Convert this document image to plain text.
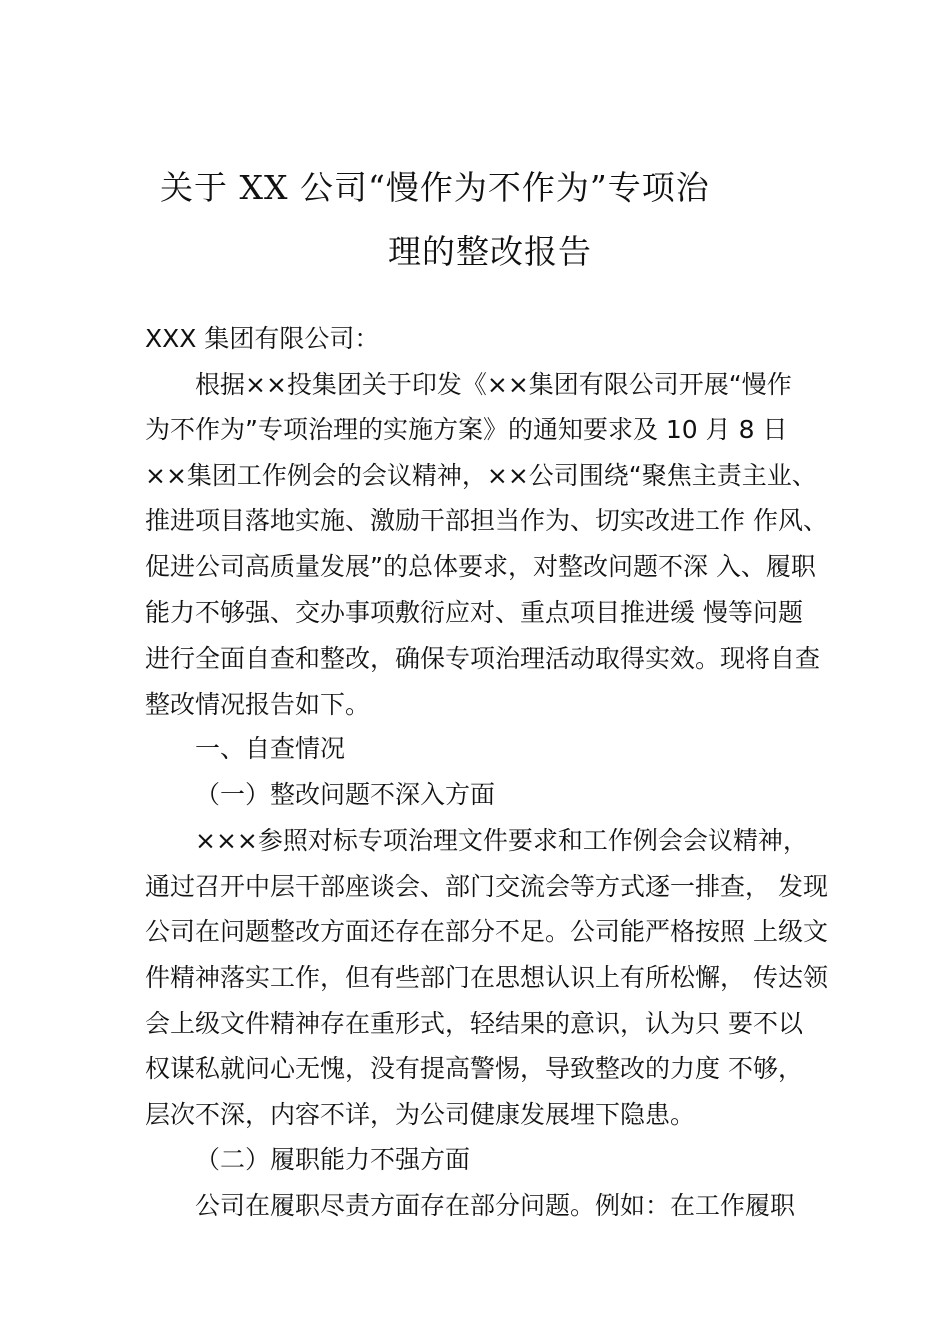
关于 XX 公司“慢作为不作为”专项治
理的整改报告
XXX 集团有限公司：
根据××投集团关于印发《××集团有限公司开展“慢作
为不作为”专项治理的实施方案》的通知要求及 10 月 8 日
××集团工作例会的会议精神，××公司围绕“聚焦主责主业、
推进项目落地实施、激励干部担当作为、切实改进工作 作风、
促进公司高质量发展”的总体要求，对整改问题不深 入、履职
能力不够强、交办事项敷衍应对、重点项目推进缓 慢等问题
进行全面自查和整改，确保专项治理活动取得实效。现将自查
整改情况报告如下。
一、自查情况
（一）整改问题不深入方面
×××参照对标专项治理文件要求和工作例会会议精神，
通过召开中层干部座谈会、部门交流会等方式逐一排查， 发现
公司在问题整改方面还存在部分不足。公司能严格按照 上级文
件精神落实工作，但有些部门在思想认识上有所松懈， 传达领
会上级文件精神存在重形式，轻结果的意识，认为只 要不以
权谋私就问心无愧，没有提高警惕，导致整改的力度 不够，
层次不深，内容不详，为公司健康发展埋下隐患。
（二）履职能力不强方面
公司在履职尽责方面存在部分问题。例如：在工作履职
